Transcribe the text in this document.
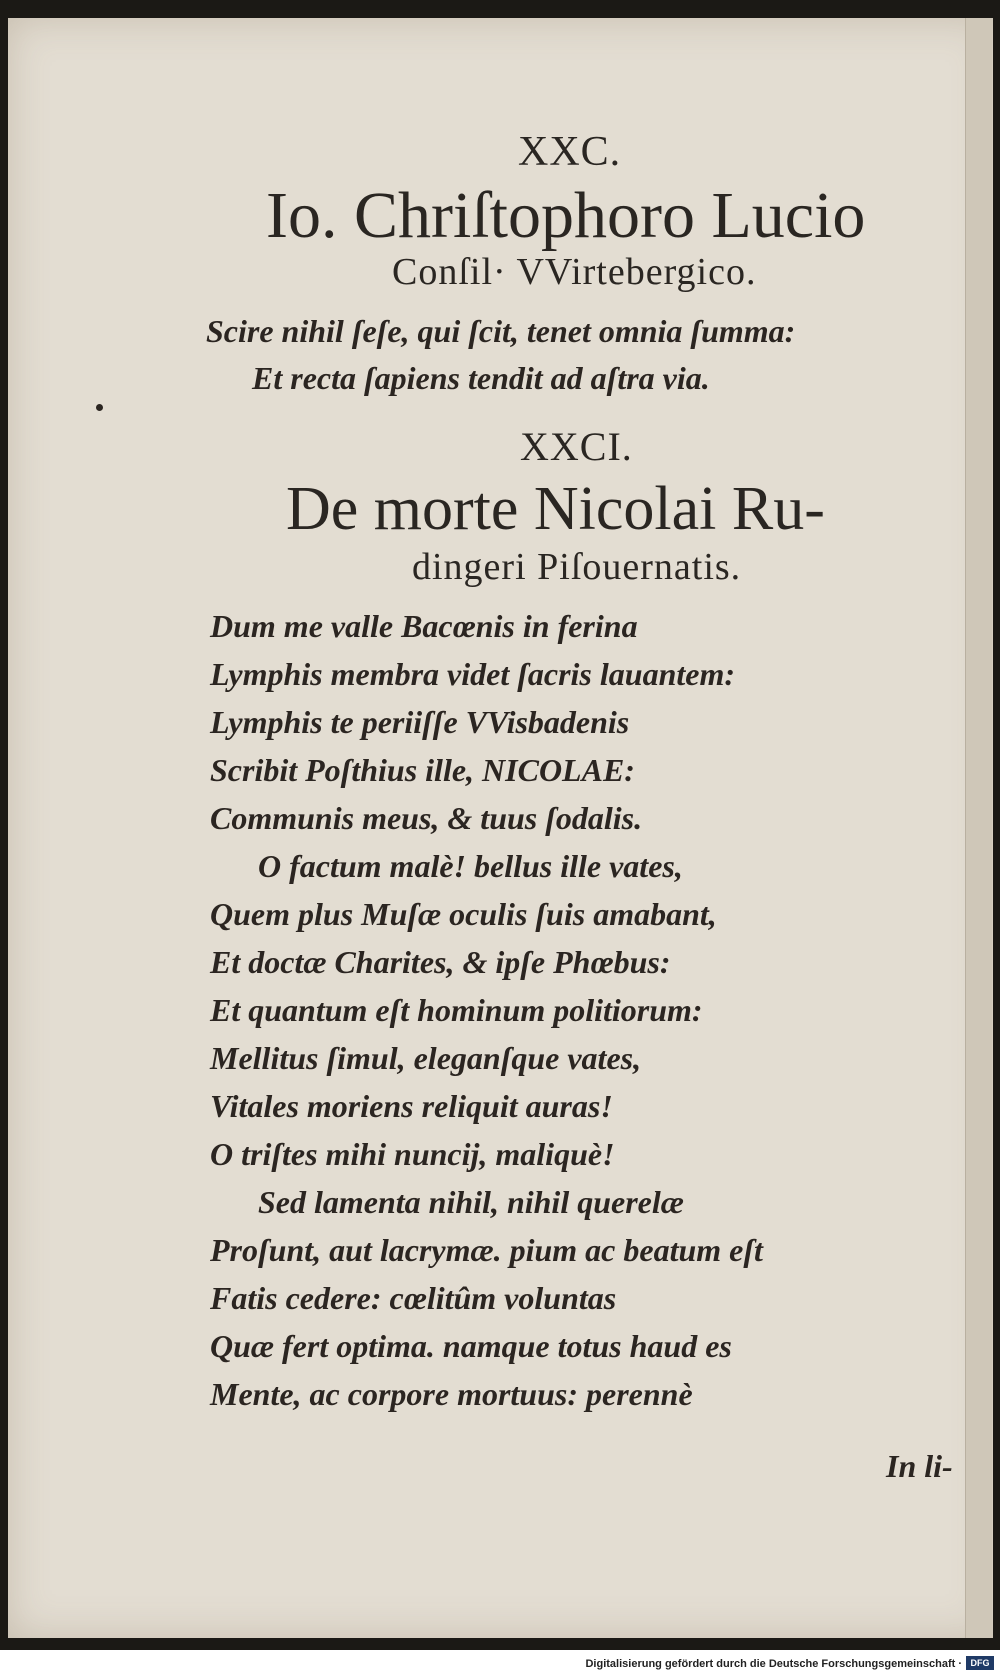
XXC.
Io. Chriſtophoro Lucio
Conſil· VVirtebergico.
Scire nihil ſeſe, qui ſcit, tenet omnia ſumma:
Et recta ſapiens tendit ad aſtra via.
XXCI.
De morte Nicolai Ru-
dingeri Piſouernatis.
Dum me valle Bacœnis in ferina
Lymphis membra videt ſacris lauantem:
Lymphis te periiſſe VVisbadenis
Scribit Poſthius ille, NICOLAE:
Communis meus, & tuus ſodalis.
O factum malè! bellus ille vates,
Quem plus Muſæ oculis ſuis amabant,
Et doctæ Charites, & ipſe Phœbus:
Et quantum eſt hominum politiorum:
Mellitus ſimul, eleganſque vates,
Vitales moriens reliquit auras!
O triſtes mihi nuncij, maliquè!
Sed lamenta nihil, nihil querelæ
Proſunt, aut lacrymæ. pium ac beatum eſt
Fatis cedere: cœlitûm voluntas
Quæ fert optima. namque totus haud es
Mente, ac corpore mortuus: perennè
In li-
Digitalisierung gefördert durch die Deutsche Forschungsgemeinschaft · DFG
